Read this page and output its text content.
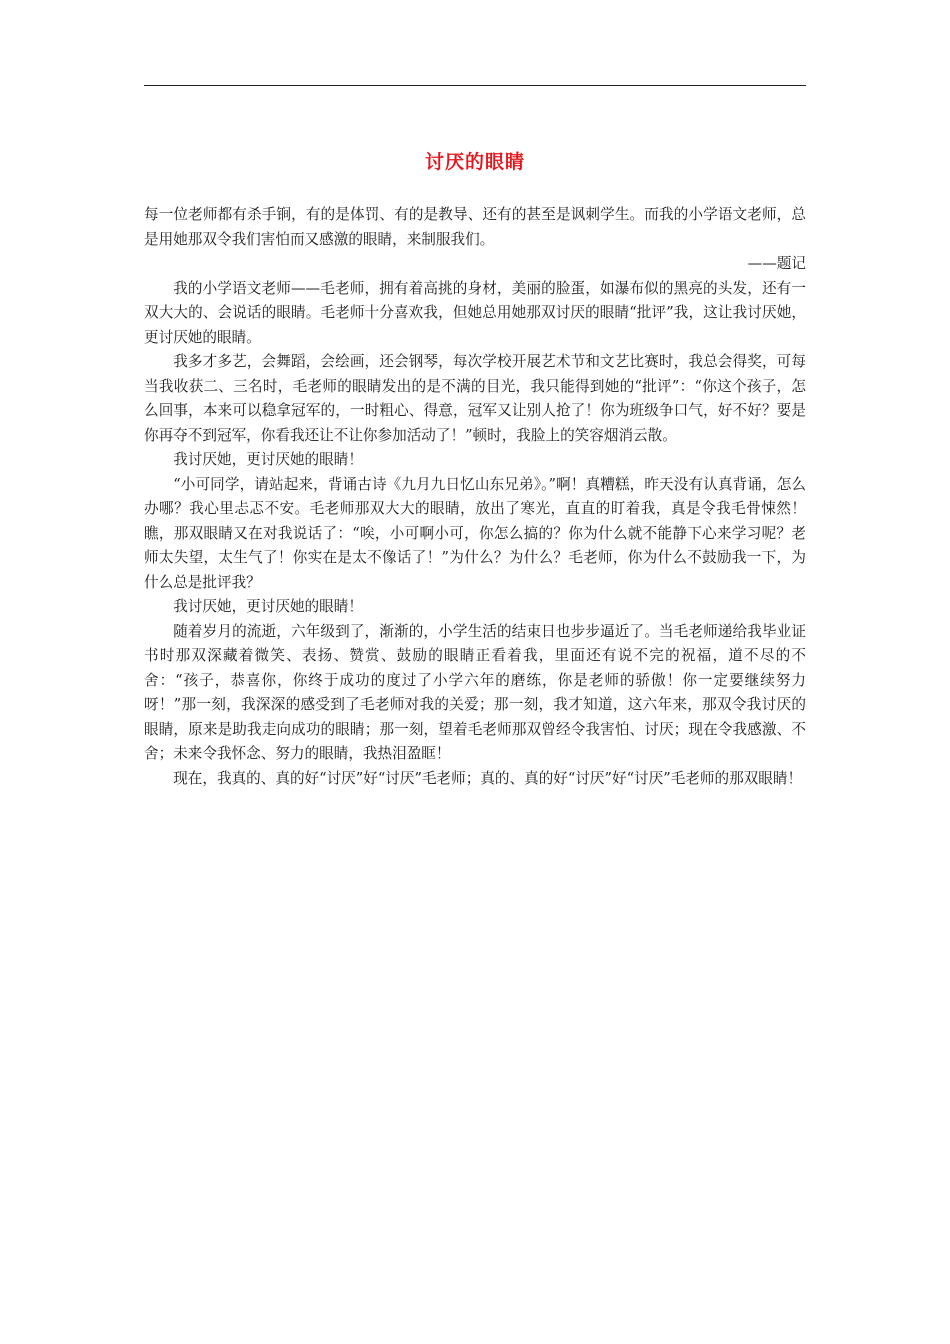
讨厌的眼睛

每一位老师都有杀手锏，有的是体罚、有的是教导、还有的甚至是讽刺学生。而我的小学语文老师，总是用她那双令我们害怕而又感激的眼睛，来制服我们。

——题记

我的小学语文老师——毛老师，拥有着高挑的身材，美丽的脸蛋，如瀑布似的黑亮的头发，还有一双大大的、会说话的眼睛。毛老师十分喜欢我，但她总用她那双讨厌的眼睛“批评”我，这让我讨厌她，更讨厌她的眼睛。

我多才多艺，会舞蹈，会绘画，还会钢琴，每次学校开展艺术节和文艺比赛时，我总会得奖，可每当我收获二、三名时，毛老师的眼睛发出的是不满的目光，我只能得到她的“批评”：“你这个孩子，怎么回事，本来可以稳拿冠军的，一时粗心、得意，冠军又让别人抢了！你为班级争口气，好不好？要是你再夺不到冠军，你看我还让不让你参加活动了！”顿时，我脸上的笑容烟消云散。

我讨厌她，更讨厌她的眼睛！

“小可同学，请站起来，背诵古诗《九月九日忆山东兄弟》。”啊！真糟糕，昨天没有认真背诵，怎么办哪？我心里忐忑不安。毛老师那双大大的眼睛，放出了寒光，直直的盯着我，真是令我毛骨悚然！瞧，那双眼睛又在对我说话了：“唉，小可啊小可，你怎么搞的？你为什么就不能静下心来学习呢？老师太失望，太生气了！你实在是太不像话了！”为什么？为什么？毛老师，你为什么不鼓励我一下，为什么总是批评我？

我讨厌她，更讨厌她的眼睛！

随着岁月的流逝，六年级到了，渐渐的，小学生活的结束日也步步逼近了。当毛老师递给我毕业证书时那双深藏着微笑、表扬、赞赏、鼓励的眼睛正看着我，里面还有说不完的祝福，道不尽的不舍：“孩子，恭喜你，你终于成功的度过了小学六年的磨练，你是老师的骄傲！你一定要继续努力呀！”那一刻，我深深的感受到了毛老师对我的关爱；那一刻，我才知道，这六年来，那双令我讨厌的眼睛，原来是助我走向成功的眼睛；那一刻，望着毛老师那双曾经令我害怕、讨厌；现在令我感激、不舍；未来令我怀念、努力的眼睛，我热泪盈眶！

现在，我真的、真的好“讨厌”好“讨厌”毛老师；真的、真的好“讨厌”好“讨厌”毛老师的那双眼睛！
